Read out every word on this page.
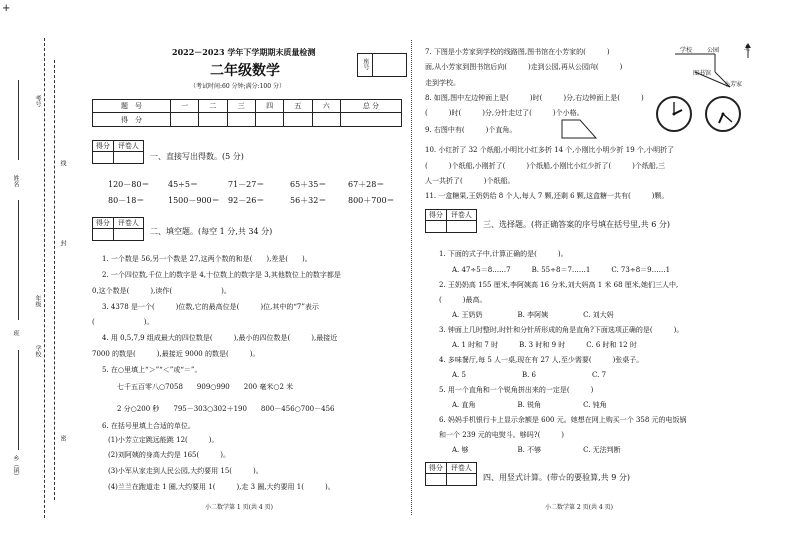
+
姓名
班
乡（镇）
考号
年级
学校
线
封
密
2022－2023 学年下学期期末质量检测
座号
二年级数学
（考试时间:60 分钟;满分:100 分）
题　号	一	二	三	四	五	六	总 分
得　分							
得分	评卷人

一、直接写出得数。(5 分)
120－80＝ 45÷5＝	71－27＝	65＋35＝	67＋28＝
80－18＝	1500－900＝ 92－26＝	56＋32＝	800＋700＝
得分	评卷人

二、填空题。(每空 1 分,共 34 分)
1. 一个数是 56,另一个数是 27,这两个数的和是(　　),差是(　　)。
2. 一个四位数,千位上的数字是 4,十位数上的数字是 3,其他数位上的数字都是
0,这个数是(　　　),读作(　　　　　　　)。
3. 4378 是一个(　　　)位数,它的最高位是(　　　)位,其中的“7”表示
(　　　　　　　)。
4. 用 0,5,7,9 组成最大的四位数是(　　　),最小的四位数是(　　　),最接近
7000 的数是(　　　),最接近 9000 的数是(　　　)。
5. 在○里填上“＞”“＜”或“＝”。
七千五百零八○7058　　909○990　　200 毫米○2 米
2 分○200 秒　　795－303○302＋190　　800－456○700－456
6. 在括号里填上合适的单位。
(1)小芳立定跳远能跳 12(　　　)。
(2)刘阿姨的身高大约是 165(　　　)。
(3)小军从家走到人民公园,大约要用 15(　　　)。
(4)兰兰在跑道走 1 圈,大约要用 1(　　　),走 3 圈,大约要用 1(　　　)。
小二数学第 1 页(共 4 页)
7. 下图是小芳家到学校的线路图,图书馆在小芳家的(　　　)
面,从小芳家到图书馆后向(　　　)走到公园,再从公园向(　　　)
走到学校。
学校 公园	北
图书馆
小芳家
8. 如图,图中左边钟面上是(　　　)时(　　　)分,右边钟面上是(　　　)
(　　　)时(　　　)分,分针走过了(　　　)个小格。
9. 右图中有(　　　)个直角。
10. 小红折了 32 个纸船,小明比小红多折 14 个,小刚比小明少折 19 个,小明折了
(　　　)个纸船,小刚折了(　　　)个纸船,小刚比小红少折了(　　　)个纸船,三
人一共折了(　　　)个纸船。
11. 一盒糖果,王奶奶给 8 个人,每人 7 颗,还剩 6 颗,这盒糖一共有(　　　)颗。
得分	评卷人

三、选择题。(将正确答案的序号填在括号里,共 6 分)
1. 下面的式子中,计算正确的是(　　　)。
A. 47÷5＝8……7　　　B. 55÷8＝7……1　　　C. 73÷8＝9……1
2. 王奶奶高 155 厘米,李阿姨高 16 分米,刘大妈高 1 米 68 厘米,她们三人中,
(　　　)最高。
A. 王奶奶　　　　　B. 李阿姨　　　　　C. 刘大妈
3. 钟面上几时整时,时针和分针所形成的角是直角?下面选项正确的是(　　　)。
A. 1 时和 7 时　　　B. 3 时和 9 时　　　C. 6 时和 12 时
4. 多味餐厅,每 5 人一桌,现在有 27 人,至少需要(　　　)张桌子。
A. 5　　　　　　　　B. 6　　　　　　　　C. 7
5. 用一个直角和一个锐角拼出来的一定是(　　　)
A. 直角　　　　　　B. 锐角　　　　　　C. 钝角
6. 妈妈手机银行卡上显示余额是 600 元。她想在网上购买一个 358 元的电饭锅
和一个 239 元的电熨斗。够吗?(　　　)
A. 够　　　　　　　B. 不够　　　　　　C. 无法判断
得分	评卷人

四、用竖式计算。(带☆的要验算,共 9 分)
小二数学第 2 页(共 4 页)
